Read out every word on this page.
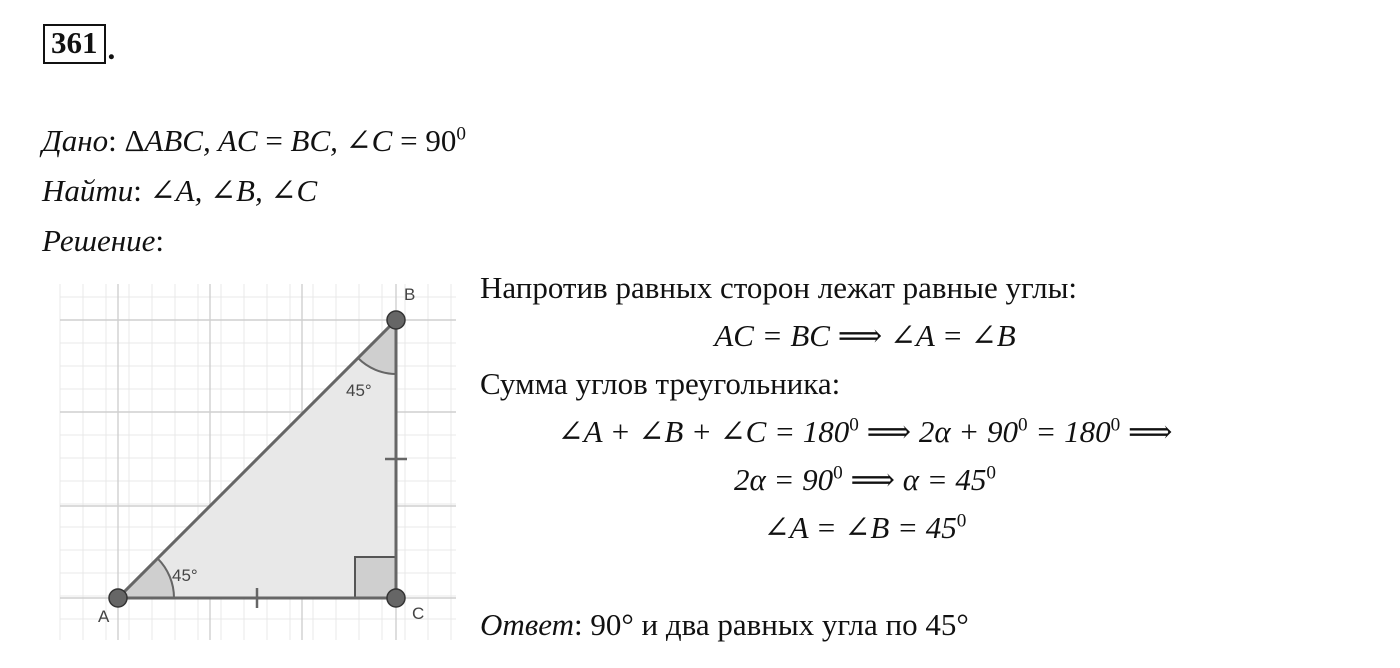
361 .
Дано: ΔABC, AC = BC, ∠C = $90^0$
Найти: ∠A, ∠B, ∠C
Решение:
A
B
C
45°
45°
Напротив равных сторон лежат равные углы:
AC = BC ⟹ ∠A = ∠B
Сумма углов треугольника:
∠A + ∠B + ∠C = $180^0$ ⟹ $2\alpha + 90^0 = 180^0$ ⟹
$2\alpha = 90^0$ ⟹ $\alpha = 45^0$
∠A = ∠B = $45^0$
Ответ: 90° и два равных угла по 45°
